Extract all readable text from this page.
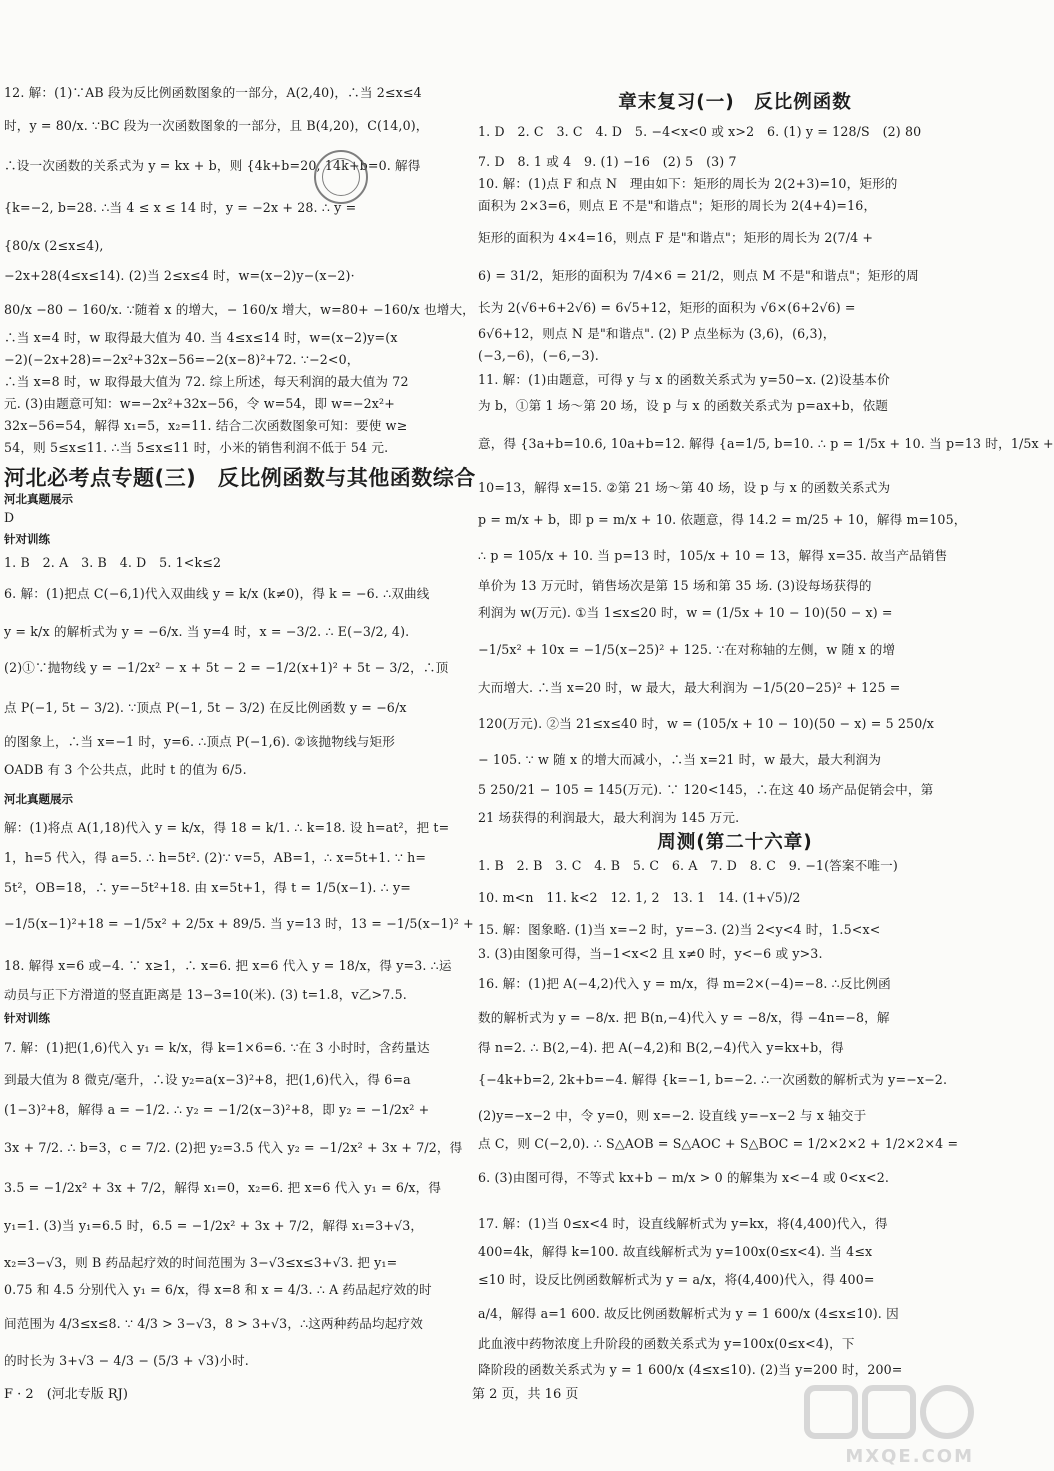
12. 解：(1)∵AB 段为反比例函数图象的一部分，A(2,40)，∴当 2≤x≤4
时，y = 80/x. ∵BC 段为一次函数图象的一部分，且 B(4,20)，C(14,0)，
∴设一次函数的关系式为 y = kx + b，则 {4k+b=20, 14k+b=0. 解得
{k=−2, b=28. ∴当 4 ≤ x ≤ 14 时，y = −2x + 28. ∴ y =
{80/x (2≤x≤4),
−2x+28(4≤x≤14). (2)当 2≤x≤4 时，w=(x−2)y−(x−2)·
80/x −80 − 160/x. ∵随着 x 的增大，− 160/x 增大，w=80+ −160/x 也增大，
∴当 x=4 时，w 取得最大值为 40. 当 4≤x≤14 时，w=(x−2)y=(x
−2)(−2x+28)=−2x²+32x−56=−2(x−8)²+72. ∵−2<0，
∴当 x=8 时，w 取得最大值为 72. 综上所述，每天利润的最大值为 72
元. (3)由题意可知：w=−2x²+32x−56，令 w=54，即 w=−2x²+
32x−56=54，解得 x₁=5，x₂=11. 结合二次函数图象可知：要使 w≥
54，则 5≤x≤11. ∴当 5≤x≤11 时，小米的销售利润不低于 54 元.
河北必考点专题(三)　反比例函数与其他函数综合
河北真题展示
D
针对训练
1. B　2. A　3. B　4. D　5. 1<k≤2
6. 解：(1)把点 C(−6,1)代入双曲线 y = k/x (k≠0)，得 k = −6. ∴双曲线
y = k/x 的解析式为 y = −6/x. 当 y=4 时，x = −3/2. ∴ E(−3/2, 4).
(2)①∵抛物线 y = −1/2x² − x + 5t − 2 = −1/2(x+1)² + 5t − 3/2，∴顶
点 P(−1, 5t − 3/2). ∵顶点 P(−1, 5t − 3/2) 在反比例函数 y = −6/x
的图象上，∴当 x=−1 时，y=6. ∴顶点 P(−1,6). ②该抛物线与矩形
OADB 有 3 个公共点，此时 t 的值为 6/5.
河北真题展示
解：(1)将点 A(1,18)代入 y = k/x，得 18 = k/1. ∴ k=18. 设 h=at²，把 t=
1，h=5 代入，得 a=5. ∴ h=5t². (2)∵ v=5，AB=1，∴ x=5t+1. ∵ h=
5t²，OB=18，∴ y=−5t²+18. 由 x=5t+1，得 t = 1/5(x−1). ∴ y=
−1/5(x−1)²+18 = −1/5x² + 2/5x + 89/5. 当 y=13 时，13 = −1/5(x−1)² +
18. 解得 x=6 或−4. ∵ x≥1，∴ x=6. 把 x=6 代入 y = 18/x，得 y=3. ∴运
动员与正下方滑道的竖直距离是 13−3=10(米). (3) t=1.8，v乙>7.5.
针对训练
7. 解：(1)把(1,6)代入 y₁ = k/x，得 k=1×6=6. ∵在 3 小时时，含药量达
到最大值为 8 微克/毫升，∴设 y₂=a(x−3)²+8，把(1,6)代入，得 6=a
(1−3)²+8，解得 a = −1/2. ∴ y₂ = −1/2(x−3)²+8，即 y₂ = −1/2x² +
3x + 7/2. ∴ b=3，c = 7/2. (2)把 y₂=3.5 代入 y₂ = −1/2x² + 3x + 7/2，得
3.5 = −1/2x² + 3x + 7/2，解得 x₁=0，x₂=6. 把 x=6 代入 y₁ = 6/x，得
y₁=1. (3)当 y₁=6.5 时，6.5 = −1/2x² + 3x + 7/2，解得 x₁=3+√3，
x₂=3−√3，则 B 药品起疗效的时间范围为 3−√3≤x≤3+√3. 把 y₁=
0.75 和 4.5 分别代入 y₁ = 6/x，得 x=8 和 x = 4/3. ∴ A 药品起疗效的时
间范围为 4/3≤x≤8. ∵ 4/3 > 3−√3，8 > 3+√3，∴这两种药品均起疗效
的时长为 3+√3 − 4/3 − (5/3 + √3)小时.
章末复习(一)　反比例函数
1. D　2. C　3. C　4. D　5. −4<x<0 或 x>2　6. (1) y = 128/S　(2) 80
7. D　8. 1 或 4　9. (1) −16　(2) 5　(3) 7
10. 解：(1)点 F 和点 N　理由如下：矩形的周长为 2(2+3)=10，矩形的
面积为 2×3=6，则点 E 不是"和谐点"；矩形的周长为 2(4+4)=16，
矩形的面积为 4×4=16，则点 F 是"和谐点"；矩形的周长为 2(7/4 +
6) = 31/2，矩形的面积为 7/4×6 = 21/2，则点 M 不是"和谐点"；矩形的周
长为 2(√6+6+2√6) = 6√5+12，矩形的面积为 √6×(6+2√6) =
6√6+12，则点 N 是"和谐点". (2) P 点坐标为 (3,6)，(6,3)，
(−3,−6)，(−6,−3).
11. 解：(1)由题意，可得 y 与 x 的函数关系式为 y=50−x. (2)设基本价
为 b，①第 1 场～第 20 场，设 p 与 x 的函数关系式为 p=ax+b，依题
意，得 {3a+b=10.6, 10a+b=12. 解得 {a=1/5, b=10. ∴ p = 1/5x + 10. 当 p=13 时，1/5x +
10=13，解得 x=15. ②第 21 场～第 40 场，设 p 与 x 的函数关系式为
p = m/x + b，即 p = m/x + 10. 依题意，得 14.2 = m/25 + 10，解得 m=105，
∴ p = 105/x + 10. 当 p=13 时，105/x + 10 = 13，解得 x=35. 故当产品销售
单价为 13 万元时，销售场次是第 15 场和第 35 场. (3)设每场获得的
利润为 w(万元). ①当 1≤x≤20 时，w = (1/5x + 10 − 10)(50 − x) =
−1/5x² + 10x = −1/5(x−25)² + 125. ∵在对称轴的左侧，w 随 x 的增
大而增大. ∴当 x=20 时，w 最大，最大利润为 −1/5(20−25)² + 125 =
120(万元). ②当 21≤x≤40 时，w = (105/x + 10 − 10)(50 − x) = 5 250/x
− 105. ∵ w 随 x 的增大而减小，∴当 x=21 时，w 最大，最大利润为
5 250/21 − 105 = 145(万元). ∵ 120<145，∴在这 40 场产品促销会中，第
21 场获得的利润最大，最大利润为 145 万元.
周测(第二十六章)
1. B　2. B　3. C　4. B　5. C　6. A　7. D　8. C　9. −1(答案不唯一)
10. m<n　11. k<2　12. 1, 2　13. 1　14. (1+√5)/2
15. 解：图象略. (1)当 x=−2 时，y=−3. (2)当 2<y<4 时，1.5<x<
3. (3)由图象可得，当−1<x<2 且 x≠0 时，y<−6 或 y>3.
16. 解：(1)把 A(−4,2)代入 y = m/x，得 m=2×(−4)=−8. ∴反比例函
数的解析式为 y = −8/x. 把 B(n,−4)代入 y = −8/x，得 −4n=−8，解
得 n=2. ∴ B(2,−4). 把 A(−4,2)和 B(2,−4)代入 y=kx+b，得
{−4k+b=2, 2k+b=−4. 解得 {k=−1, b=−2. ∴一次函数的解析式为 y=−x−2.
(2)y=−x−2 中，令 y=0，则 x=−2. 设直线 y=−x−2 与 x 轴交于
点 C，则 C(−2,0). ∴ S△AOB = S△AOC + S△BOC = 1/2×2×2 + 1/2×2×4 =
6. (3)由图可得，不等式 kx+b − m/x > 0 的解集为 x<−4 或 0<x<2.
17. 解：(1)当 0≤x<4 时，设直线解析式为 y=kx，将(4,400)代入，得
400=4k，解得 k=100. 故直线解析式为 y=100x(0≤x<4). 当 4≤x
≤10 时，设反比例函数解析式为 y = a/x，将(4,400)代入，得 400=
a/4，解得 a=1 600. 故反比例函数解析式为 y = 1 600/x (4≤x≤10). 因
此血液中药物浓度上升阶段的函数关系式为 y=100x(0≤x<4)，下
降阶段的函数关系式为 y = 1 600/x (4≤x≤10). (2)当 y=200 时，200=
F · 2　(河北专版 RJ)	第 2 页，共 16 页
MXQE.COM
